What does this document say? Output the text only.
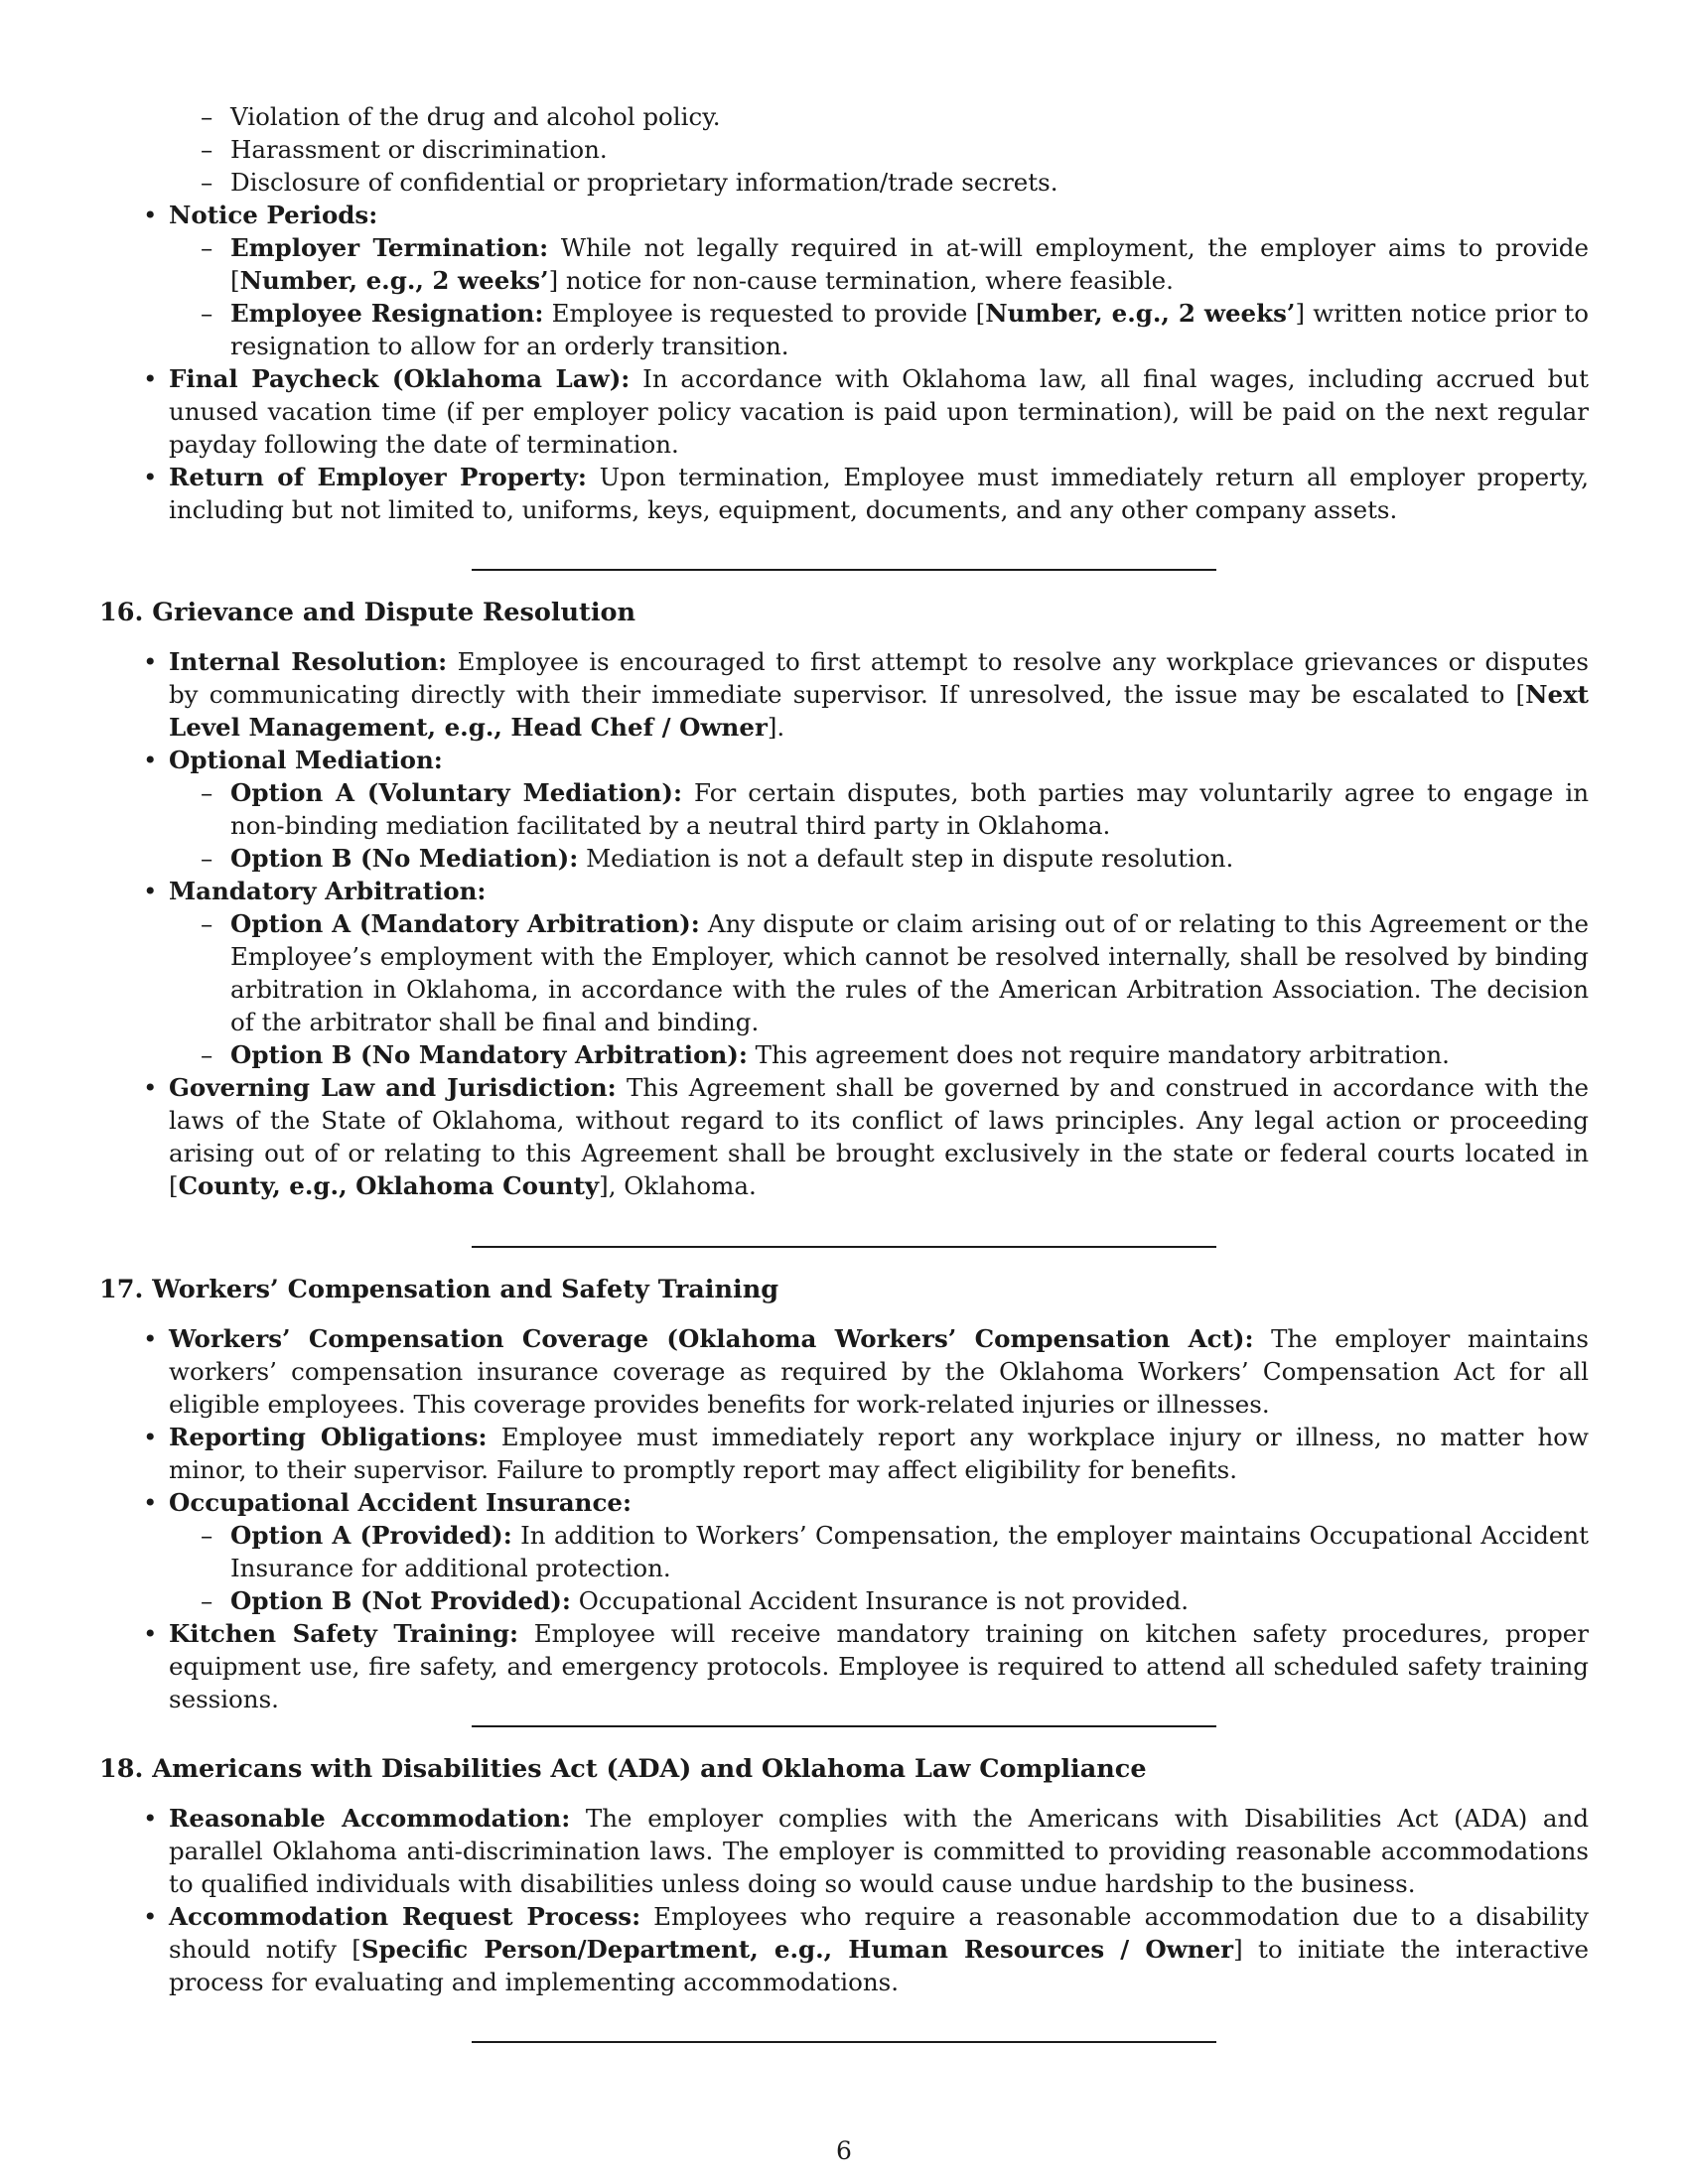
– Violation of the drug and alcohol policy.
– Harassment or discrimination.
– Disclosure of confidential or proprietary information/trade secrets.
• Notice Periods:
– Employer Termination: While not legally required in at-will employment, the employer aims to provide [Number, e.g., 2 weeks’] notice for non-cause termination, where feasible.
– Employee Resignation: Employee is requested to provide [Number, e.g., 2 weeks’] written notice prior to resignation to allow for an orderly transition.
• Final Paycheck (Oklahoma Law): In accordance with Oklahoma law, all final wages, including accrued but unused vacation time (if per employer policy vacation is paid upon termination), will be paid on the next regular payday following the date of termination.
• Return of Employer Property: Upon termination, Employee must immediately return all employer property, including but not limited to, uniforms, keys, equipment, documents, and any other company assets.
16. Grievance and Dispute Resolution
• Internal Resolution: Employee is encouraged to first attempt to resolve any workplace grievances or disputes by communicating directly with their immediate supervisor. If unresolved, the issue may be escalated to [Next Level Management, e.g., Head Chef / Owner].
• Optional Mediation:
– Option A (Voluntary Mediation): For certain disputes, both parties may voluntarily agree to engage in non-binding mediation facilitated by a neutral third party in Oklahoma.
– Option B (No Mediation): Mediation is not a default step in dispute resolution.
• Mandatory Arbitration:
– Option A (Mandatory Arbitration): Any dispute or claim arising out of or relating to this Agreement or the Employee’s employment with the Employer, which cannot be resolved internally, shall be resolved by binding arbitration in Oklahoma, in accordance with the rules of the American Arbitration Association. The decision of the arbitrator shall be final and binding.
– Option B (No Mandatory Arbitration): This agreement does not require mandatory arbitration.
• Governing Law and Jurisdiction: This Agreement shall be governed by and construed in accordance with the laws of the State of Oklahoma, without regard to its conflict of laws principles. Any legal action or proceeding arising out of or relating to this Agreement shall be brought exclusively in the state or federal courts located in [County, e.g., Oklahoma County], Oklahoma.
17. Workers’ Compensation and Safety Training
• Workers’ Compensation Coverage (Oklahoma Workers’ Compensation Act): The employer maintains workers’ compensation insurance coverage as required by the Oklahoma Workers’ Compensation Act for all eligible employees. This coverage provides benefits for work-related injuries or illnesses.
• Reporting Obligations: Employee must immediately report any workplace injury or illness, no matter how minor, to their supervisor. Failure to promptly report may affect eligibility for benefits.
• Occupational Accident Insurance:
– Option A (Provided): In addition to Workers’ Compensation, the employer maintains Occupational Accident Insurance for additional protection.
– Option B (Not Provided): Occupational Accident Insurance is not provided.
• Kitchen Safety Training: Employee will receive mandatory training on kitchen safety procedures, proper equipment use, fire safety, and emergency protocols. Employee is required to attend all scheduled safety training sessions.
18. Americans with Disabilities Act (ADA) and Oklahoma Law Compliance
• Reasonable Accommodation: The employer complies with the Americans with Disabilities Act (ADA) and parallel Oklahoma anti-discrimination laws. The employer is committed to providing reasonable accommodations to qualified individuals with disabilities unless doing so would cause undue hardship to the business.
• Accommodation Request Process: Employees who require a reasonable accommodation due to a disability should notify [Specific Person/Department, e.g., Human Resources / Owner] to initiate the interactive process for evaluating and implementing accommodations.
6
